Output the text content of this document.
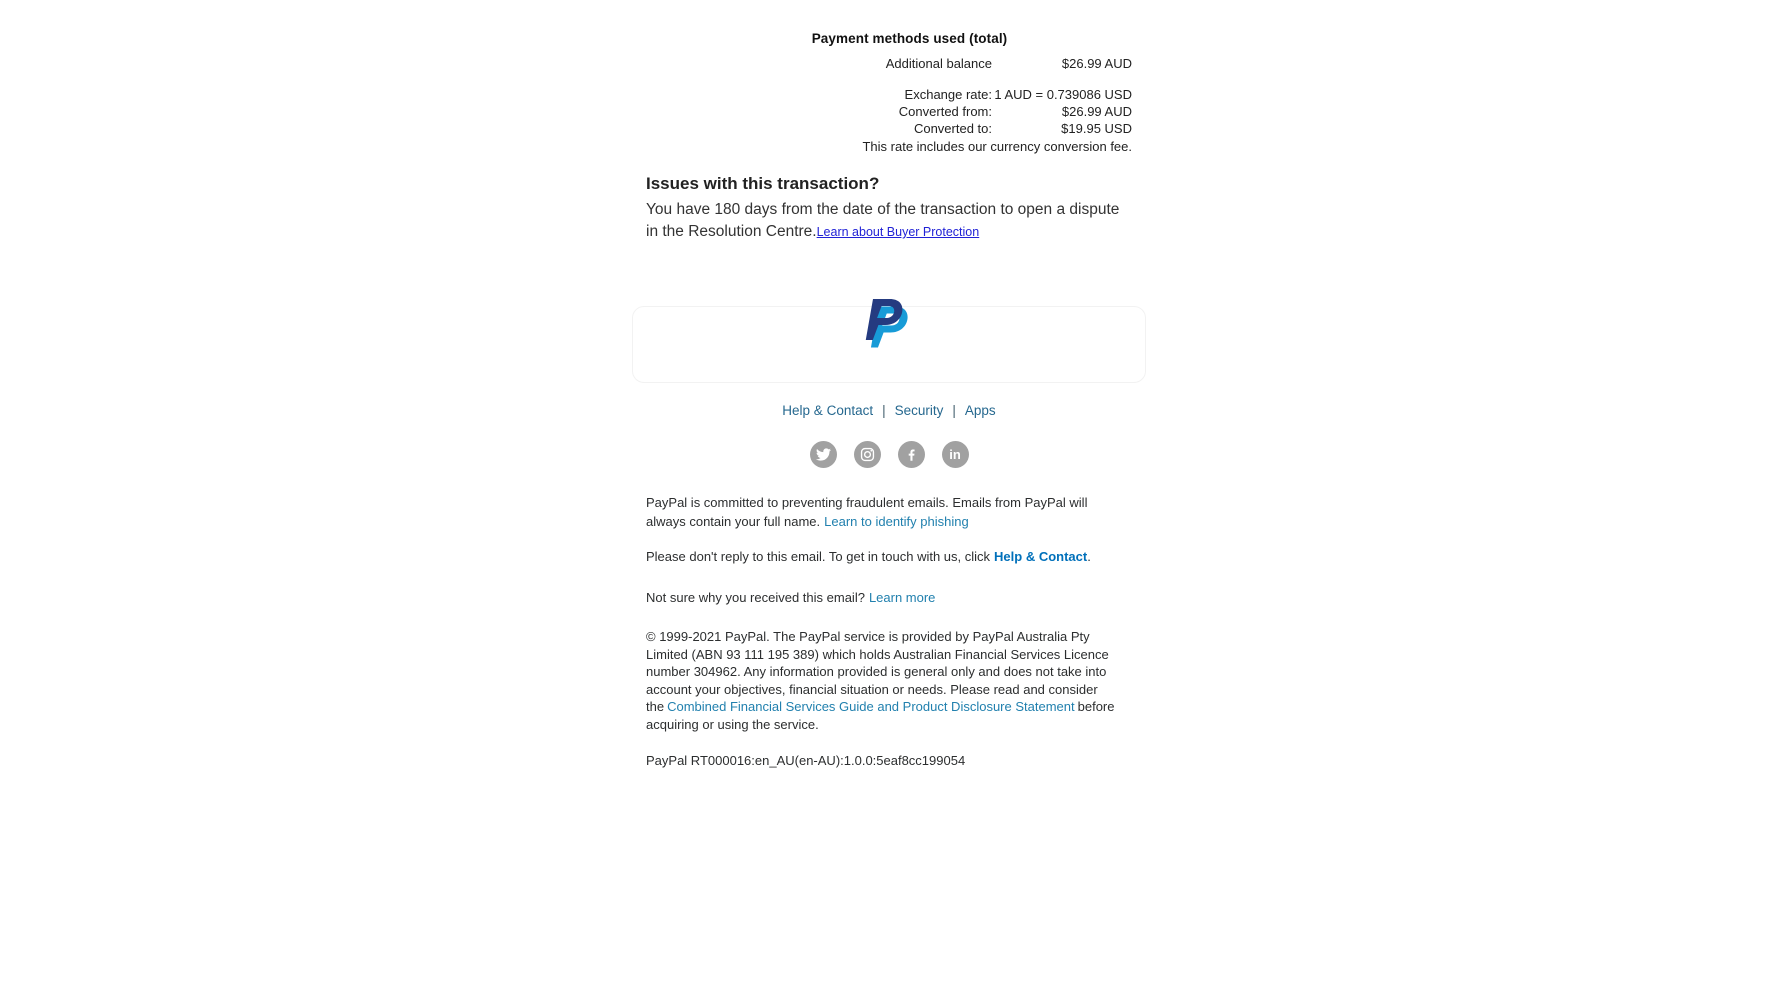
Payment methods used (total)
Additional balance	$26.99 AUD
Exchange rate: 1 AUD = 0.739086 USD
Converted from:	$26.99 AUD
Converted to:	$19.95 USD
This rate includes our currency conversion fee.
Issues with this transaction?
You have 180 days from the date of the transaction to open a dispute in the Resolution Centre.Learn about Buyer Protection
Help & Contact | Security | Apps
in

PayPal is committed to preventing fraudulent emails. Emails from PayPal will always contain your full name. Learn to identify phishing

Please don't reply to this email. To get in touch with us, click Help & Contact.

Not sure why you received this email? Learn more

© 1999-2021 PayPal. The PayPal service is provided by PayPal Australia Pty Limited (ABN 93 111 195 389) which holds Australian Financial Services Licence number 304962. Any information provided is general only and does not take into account your objectives, financial situation or needs. Please read and consider the Combined Financial Services Guide and Product Disclosure Statement before acquiring or using the service.

PayPal RT000016:en_AU(en-AU):1.0.0:5eaf8cc199054
